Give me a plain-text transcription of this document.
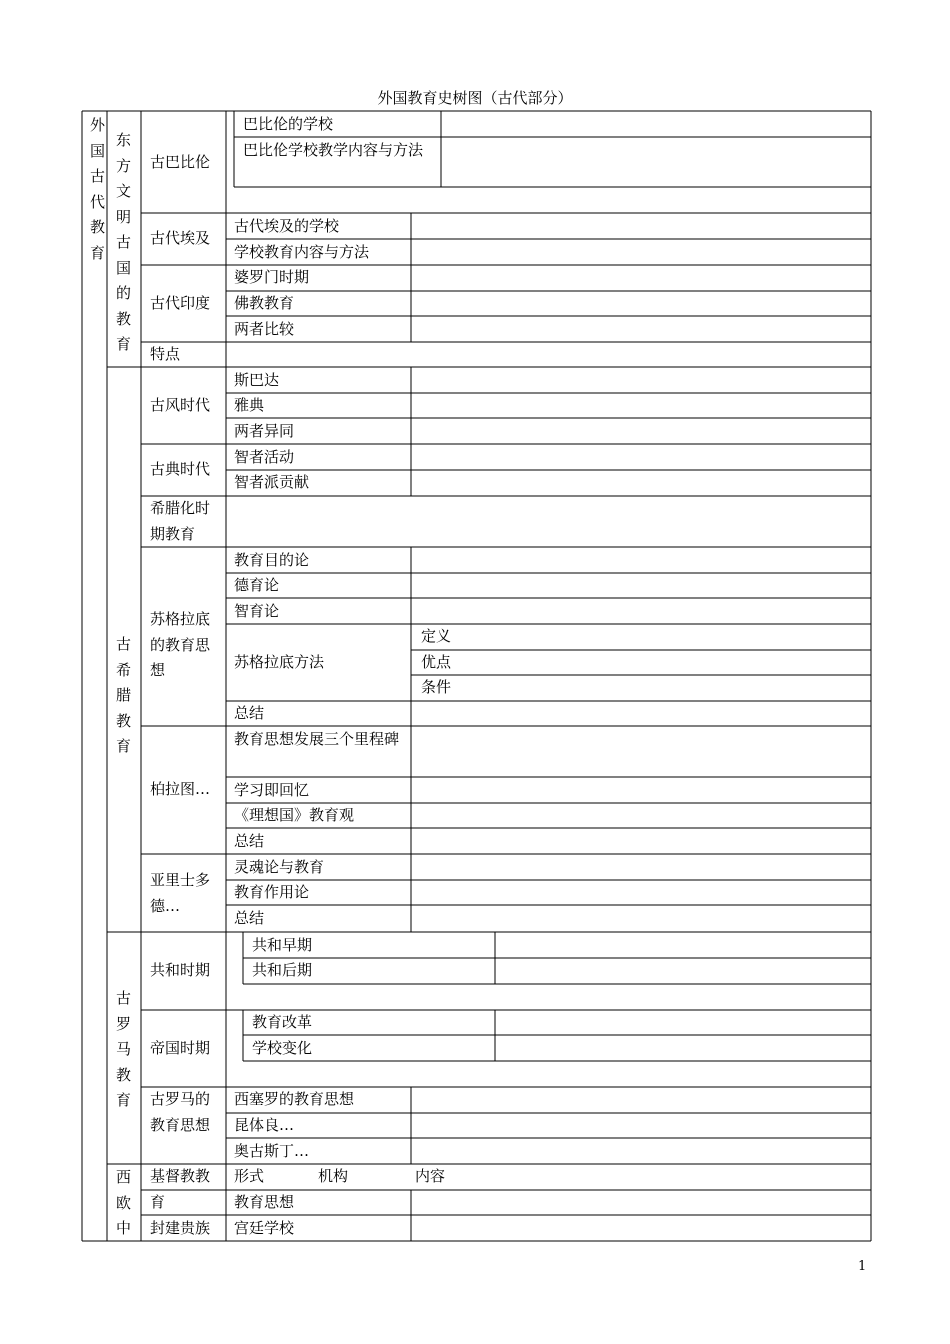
外国教育史树图（古代部分）
外国古代教育
东方文明古国的教育
古希腊教育
古罗马教育
西欧中
古巴比伦
巴比伦的学校
巴比伦学校教学内容与方法
古代埃及
古代埃及的学校
学校教育内容与方法
古代印度
婆罗门时期
佛教教育
两者比较
特点
古风时代
斯巴达
雅典
两者异同
古典时代
智者活动
智者派贡献
希腊化时期教育
苏格拉底的教育思想
教育目的论
德育论
智育论
苏格拉底方法
定义
优点
条件
总结
柏拉图…
教育思想发展三个里程碑
学习即回忆
《理想国》教育观
总结
亚里士多德…
灵魂论与教育
教育作用论
总结
共和时期
共和早期
共和后期
帝国时期
教育改革
学校变化
古罗马的教育思想
西塞罗的教育思想
昆体良…
奥古斯丁…
基督教教育
形式	机构	内容
教育思想
封建贵族 宫廷学校
1
